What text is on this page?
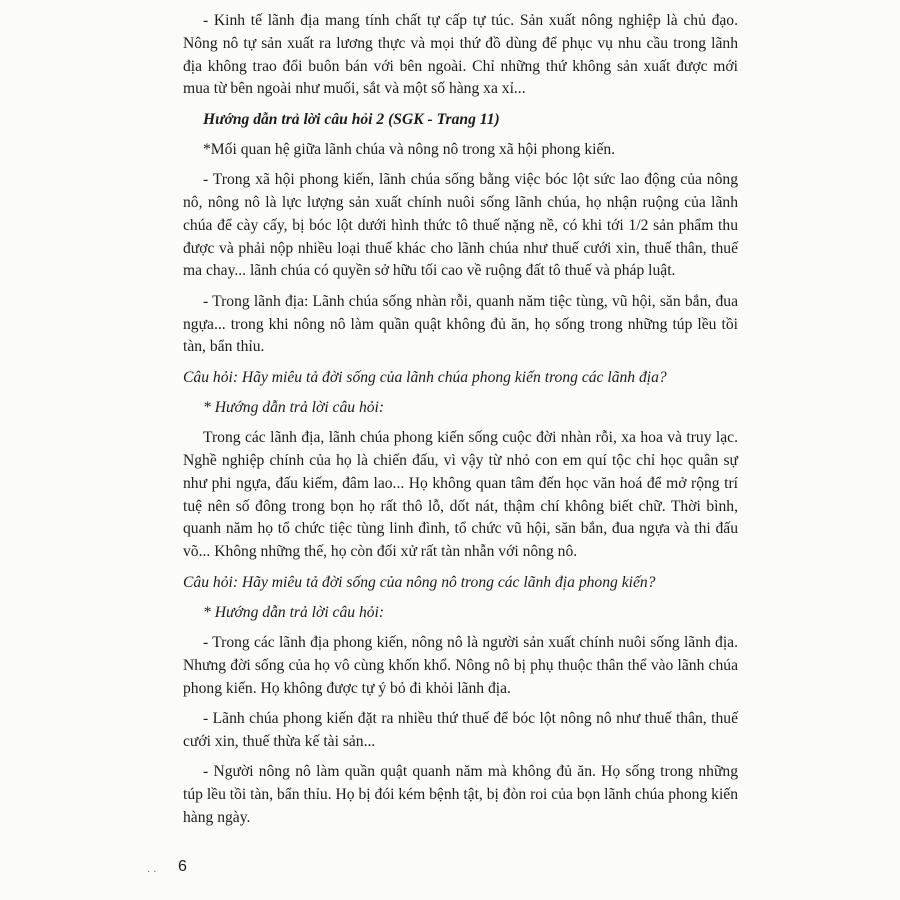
- Kinh tế lãnh địa mang tính chất tự cấp tự túc. Sản xuất nông nghiệp là chủ đạo. Nông nô tự sản xuất ra lương thực và mọi thứ đồ dùng để phục vụ nhu cầu trong lãnh địa không trao đổi buôn bán với bên ngoài. Chỉ những thứ không sản xuất được mới mua từ bên ngoài như muối, sắt và một số hàng xa xỉ...

Hướng dẫn trả lời câu hỏi 2 (SGK - Trang 11)

*Mối quan hệ giữa lãnh chúa và nông nô trong xã hội phong kiến.

- Trong xã hội phong kiến, lãnh chúa sống bằng việc bóc lột sức lao động của nông nô, nông nô là lực lượng sản xuất chính nuôi sống lãnh chúa, họ nhận ruộng của lãnh chúa để cày cấy, bị bóc lột dưới hình thức tô thuế nặng nề, có khi tới 1/2 sản phẩm thu được và phải nộp nhiều loại thuế khác cho lãnh chúa như thuế cưới xin, thuế thân, thuế ma chay... lãnh chúa có quyền sở hữu tối cao về ruộng đất tô thuế và pháp luật.

- Trong lãnh địa: Lãnh chúa sống nhàn rỗi, quanh năm tiệc tùng, vũ hội, săn bắn, đua ngựa... trong khi nông nô làm quần quật không đủ ăn, họ sống trong những túp lều tồi tàn, bẩn thỉu.

Câu hỏi: Hãy miêu tả đời sống của lãnh chúa phong kiến trong các lãnh địa?

* Hướng dẫn trả lời câu hỏi:

Trong các lãnh địa, lãnh chúa phong kiến sống cuộc đời nhàn rỗi, xa hoa và truy lạc. Nghề nghiệp chính của họ là chiến đấu, vì vậy từ nhỏ con em quí tộc chỉ học quân sự như phi ngựa, đấu kiếm, đâm lao... Họ không quan tâm đến học văn hoá để mở rộng trí tuệ nên số đông trong bọn họ rất thô lỗ, dốt nát, thậm chí không biết chữ. Thời bình, quanh năm họ tổ chức tiệc tùng linh đình, tổ chức vũ hội, săn bắn, đua ngựa và thi đấu võ... Không những thế, họ còn đối xử rất tàn nhẫn với nông nô.

Câu hỏi: Hãy miêu tả đời sống của nông nô trong các lãnh địa phong kiến?

* Hướng dẫn trả lời câu hỏi:

- Trong các lãnh địa phong kiến, nông nô là người sản xuất chính nuôi sống lãnh địa. Nhưng đời sống của họ vô cùng khốn khổ. Nông nô bị phụ thuộc thân thể vào lãnh chúa phong kiến. Họ không được tự ý bỏ đi khỏi lãnh địa.

- Lãnh chúa phong kiến đặt ra nhiều thứ thuế để bóc lột nông nô như thuế thân, thuế cưới xin, thuế thừa kế tài sản...

- Người nông nô làm quần quật quanh năm mà không đủ ăn. Họ sống trong những túp lều tồi tàn, bẩn thỉu. Họ bị đói kém bệnh tật, bị đòn roi của bọn lãnh chúa phong kiến hàng ngày.

· · 6
